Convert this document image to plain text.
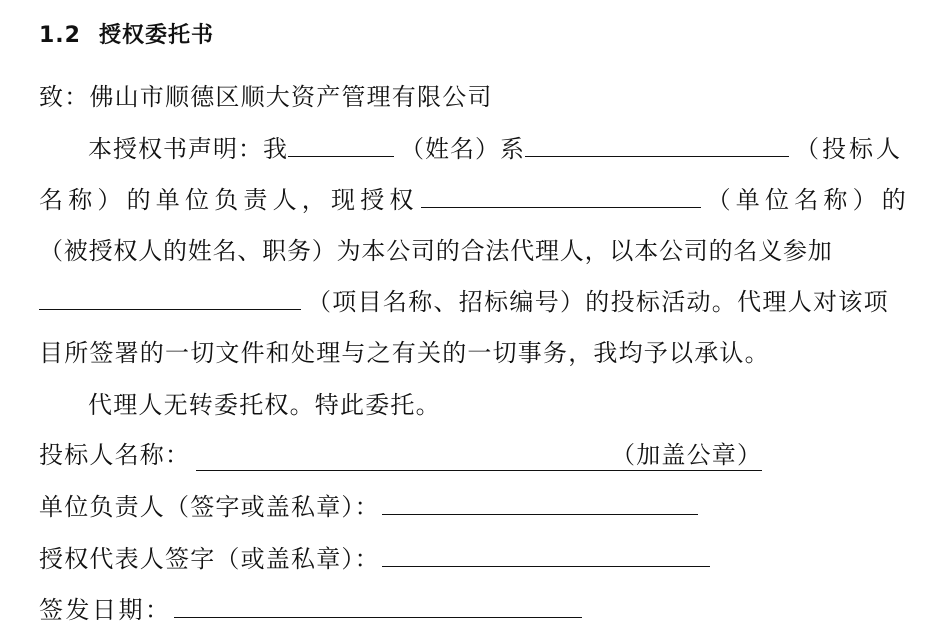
1.2 授权委托书
致：佛山市顺德区顺大资产管理有限公司
本授权书声明：我	（姓名）系	（投标人
名称）的单位负责人，现授权	（单位名称）的
（被授权人的姓名、职务）为本公司的合法代理人，以本公司的名义参加
（项目名称、招标编号）的投标活动。代理人对该项
目所签署的一切文件和处理与之有关的一切事务，我均予以承认。
代理人无转委托权。特此委托。
投标人名称：	（加盖公章）
单位负责人（签字或盖私章）：
授权代表人签字（或盖私章）：
签发日期：
